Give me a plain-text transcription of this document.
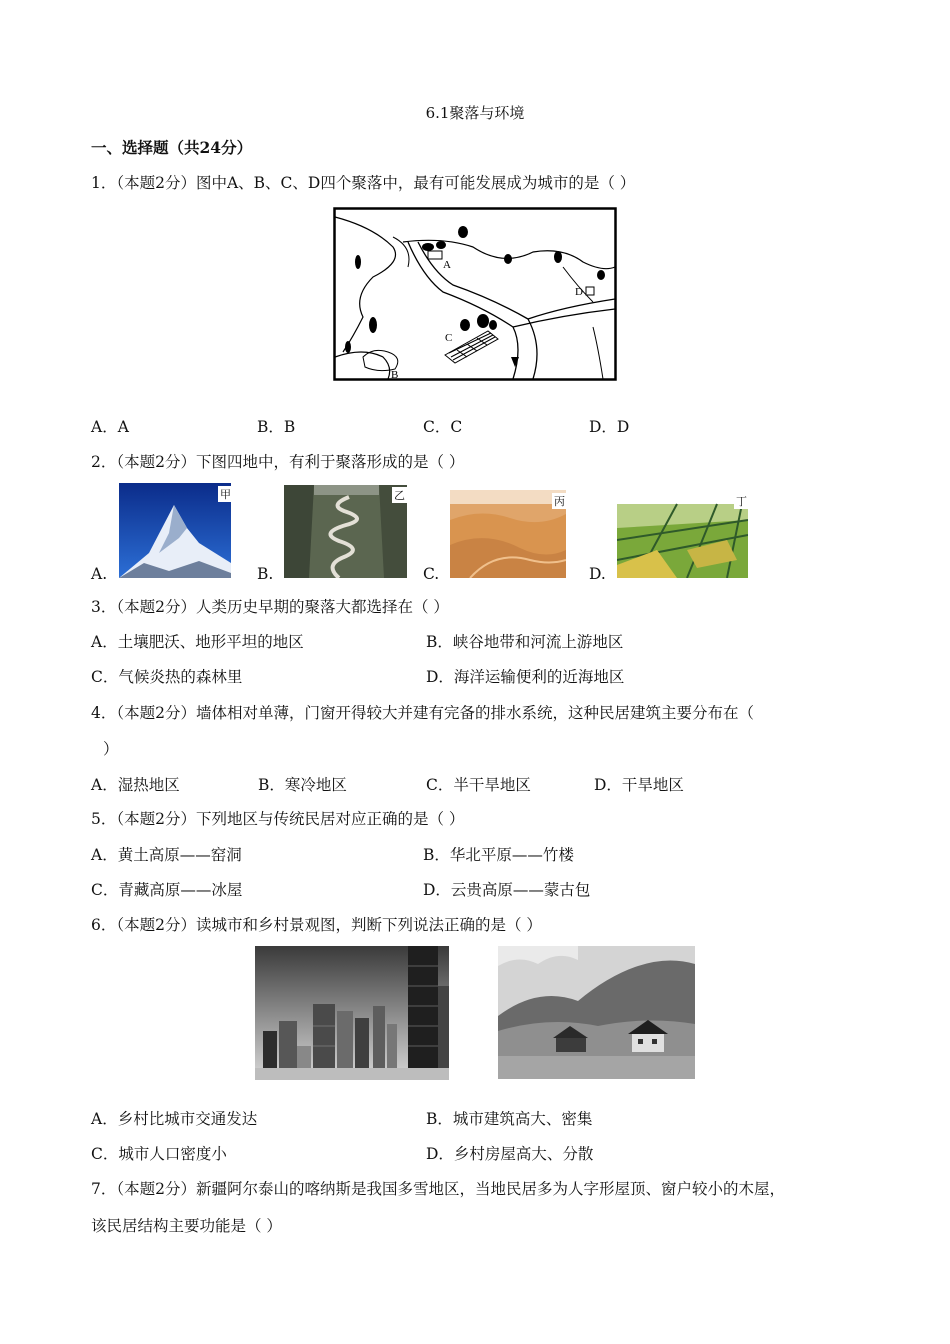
6.1聚落与环境
一、选择题（共24分）
1．（本题2分）图中A、B、C、D四个聚落中，最有可能发展成为城市的是（ ）
A
B
C
D
A．A	B．B	C．C	D．D
2．（本题2分）下图四地中，有利于聚落形成的是（ ）
A.
甲
B.
乙
C.
丙
D.
丁
3．（本题2分）人类历史早期的聚落大都选择在（ ）
A．土壤肥沃、地形平坦的地区	B．峡谷地带和河流上游地区
C．气候炎热的森林里	D．海洋运输便利的近海地区
4．（本题2分）墙体相对单薄，门窗开得较大并建有完备的排水系统，这种民居建筑主要分布在（
）
A．湿热地区	B．寒冷地区	C．半干旱地区	D．干旱地区
5．（本题2分）下列地区与传统民居对应正确的是（ ）
A．黄土高原——窑洞	B．华北平原——竹楼
C．青藏高原——冰屋	D．云贵高原——蒙古包
6．（本题2分）读城市和乡村景观图，判断下列说法正确的是（ ）
A．乡村比城市交通发达	B．城市建筑高大、密集
C．城市人口密度小	D．乡村房屋高大、分散
7．（本题2分）新疆阿尔泰山的喀纳斯是我国多雪地区，当地民居多为人字形屋顶、窗户较小的木屋，
该民居结构主要功能是（ ）
